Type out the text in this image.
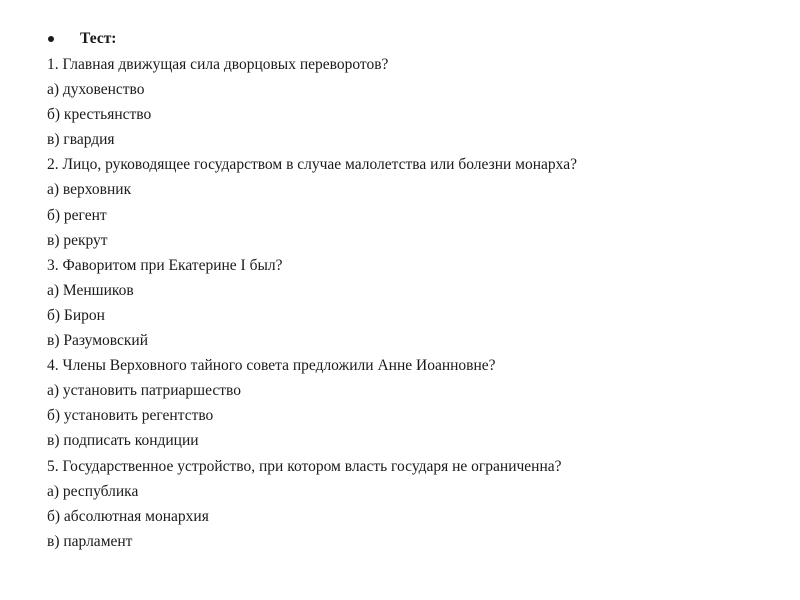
Тест:
1. Главная движущая сила дворцовых переворотов?
а) духовенство
б) крестьянство
в) гвардия
2. Лицо, руководящее государством в случае малолетства или болезни монарха?
а) верховник
б) регент
в) рекрут
3. Фаворитом при Екатерине I был?
а) Меншиков
б) Бирон
в) Разумовский
4. Члены Верховного тайного совета предложили Анне Иоанновне?
а) установить патриаршество
б) установить регентство
в) подписать кондиции
5. Государственное устройство, при котором власть государя не ограниченна?
а) республика
б) абсолютная монархия
в) парламент
